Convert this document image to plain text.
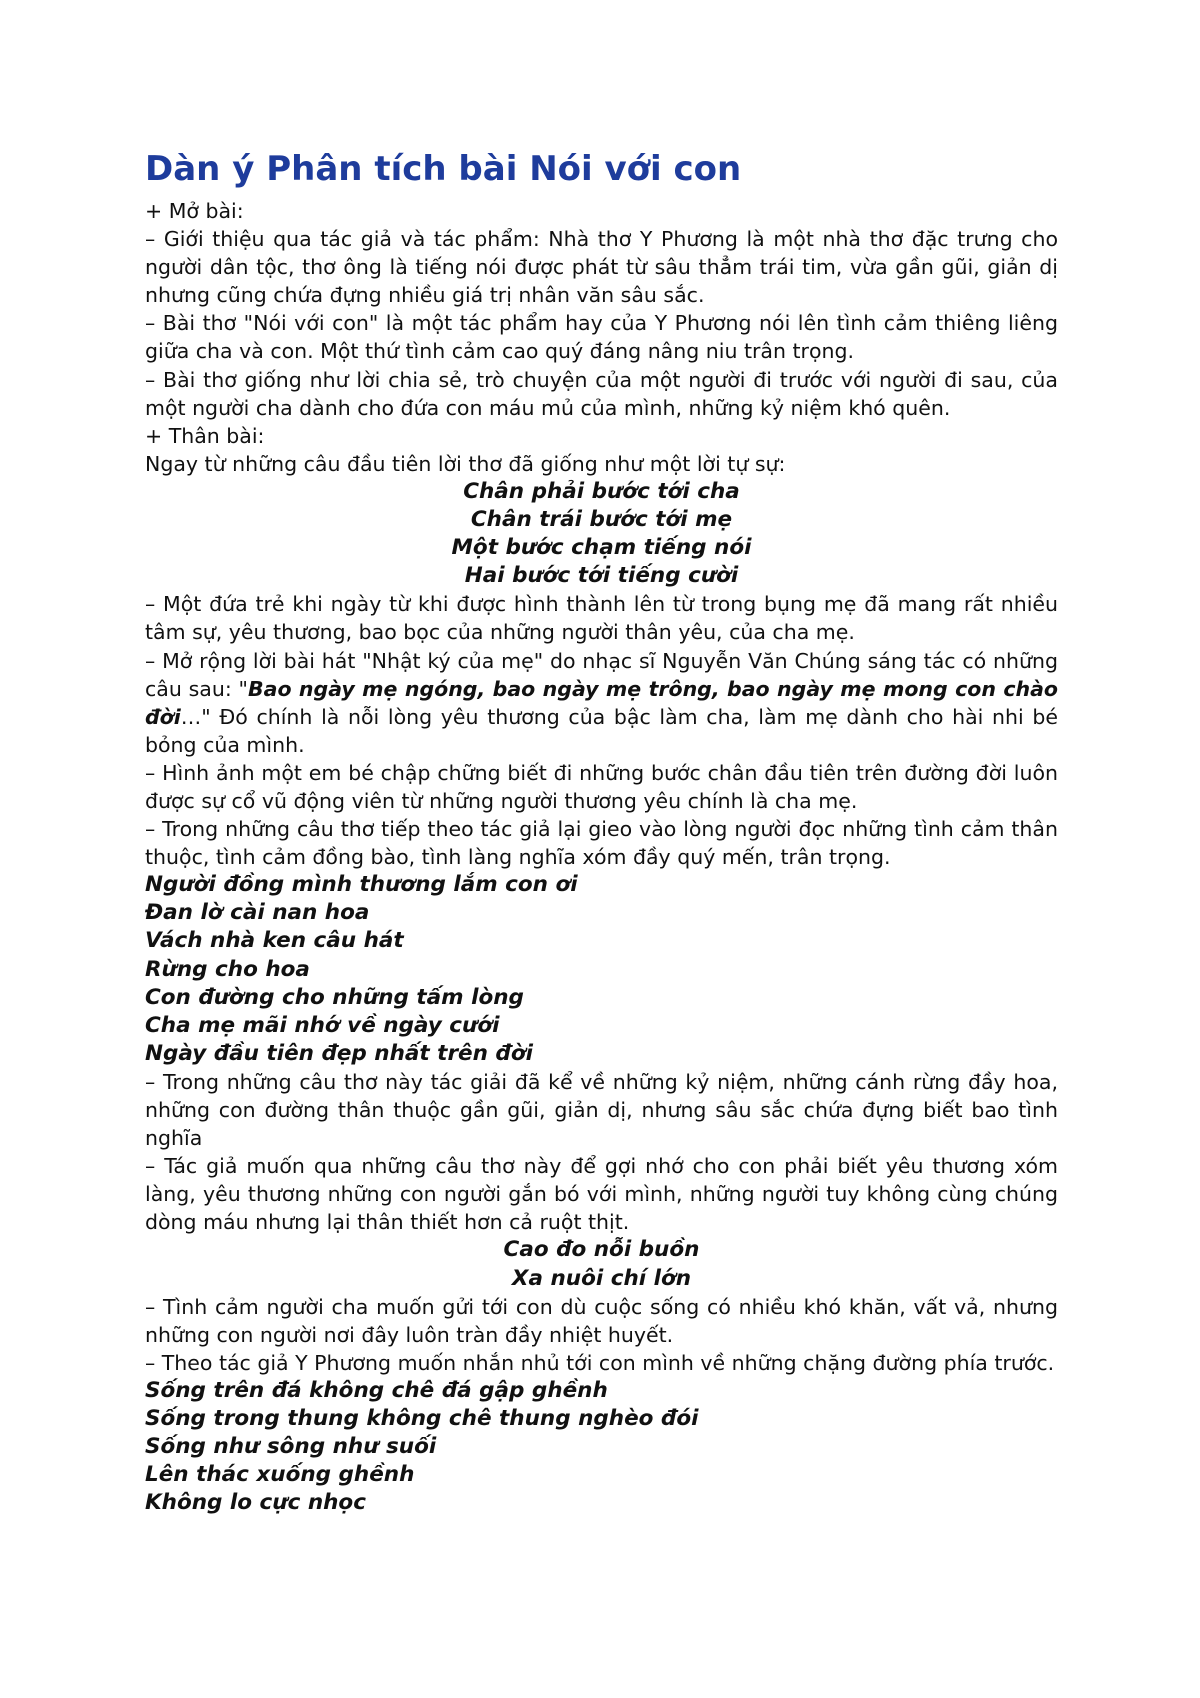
Dàn ý Phân tích bài Nói với con

+ Mở bài:

– Giới thiệu qua tác giả và tác phẩm: Nhà thơ Y Phương là một nhà thơ đặc trưng cho người dân tộc, thơ ông là tiếng nói được phát từ sâu thẳm trái tim, vừa gần gũi, giản dị nhưng cũng chứa đựng nhiều giá trị nhân văn sâu sắc.

– Bài thơ "Nói với con" là một tác phẩm hay của Y Phương nói lên tình cảm thiêng liêng giữa cha và con. Một thứ tình cảm cao quý đáng nâng niu trân trọng.

– Bài thơ giống như lời chia sẻ, trò chuyện của một người đi trước với người đi sau, của một người cha dành cho đứa con máu mủ của mình, những kỷ niệm khó quên.

+ Thân bài:

Ngay từ những câu đầu tiên lời thơ đã giống như một lời tự sự:

Chân phải bước tới cha

Chân trái bước tới mẹ

Một bước chạm tiếng nói

Hai bước tới tiếng cười

– Một đứa trẻ khi ngày từ khi được hình thành lên từ trong bụng mẹ đã mang rất nhiều tâm sự, yêu thương, bao bọc của những người thân yêu, của cha mẹ.

– Mở rộng lời bài hát "Nhật ký của mẹ" do nhạc sĩ Nguyễn Văn Chúng sáng tác có những câu sau: "Bao ngày mẹ ngóng, bao ngày mẹ trông, bao ngày mẹ mong con chào đời…" Đó chính là nỗi lòng yêu thương của bậc làm cha, làm mẹ dành cho hài nhi bé bỏng của mình.

– Hình ảnh một em bé chập chững biết đi những bước chân đầu tiên trên đường đời luôn được sự cổ vũ động viên từ những người thương yêu chính là cha mẹ.

– Trong những câu thơ tiếp theo tác giả lại gieo vào lòng người đọc những tình cảm thân thuộc, tình cảm đồng bào, tình làng nghĩa xóm đầy quý mến, trân trọng.

Người đồng mình thương lắm con ơi

Đan lờ cài nan hoa

Vách nhà ken câu hát

Rừng cho hoa

Con đường cho những tấm lòng

Cha mẹ mãi nhớ về ngày cưới

Ngày đầu tiên đẹp nhất trên đời

– Trong những câu thơ này tác giải đã kể về những kỷ niệm, những cánh rừng đầy hoa, những con đường thân thuộc gần gũi, giản dị, nhưng sâu sắc chứa đựng biết bao tình nghĩa

– Tác giả muốn qua những câu thơ này để gợi nhớ cho con phải biết yêu thương xóm làng, yêu thương những con người gắn bó với mình, những người tuy không cùng chúng dòng máu nhưng lại thân thiết hơn cả ruột thịt.

Cao đo nỗi buồn

Xa nuôi chí lớn

– Tình cảm người cha muốn gửi tới con dù cuộc sống có nhiều khó khăn, vất vả, nhưng những con người nơi đây luôn tràn đầy nhiệt huyết.

– Theo tác giả Y Phương muốn nhắn nhủ tới con mình về những chặng đường phía trước.

Sống trên đá không chê đá gập ghềnh

Sống trong thung không chê thung nghèo đói

Sống như sông như suối

Lên thác xuống ghềnh

Không lo cực nhọc
